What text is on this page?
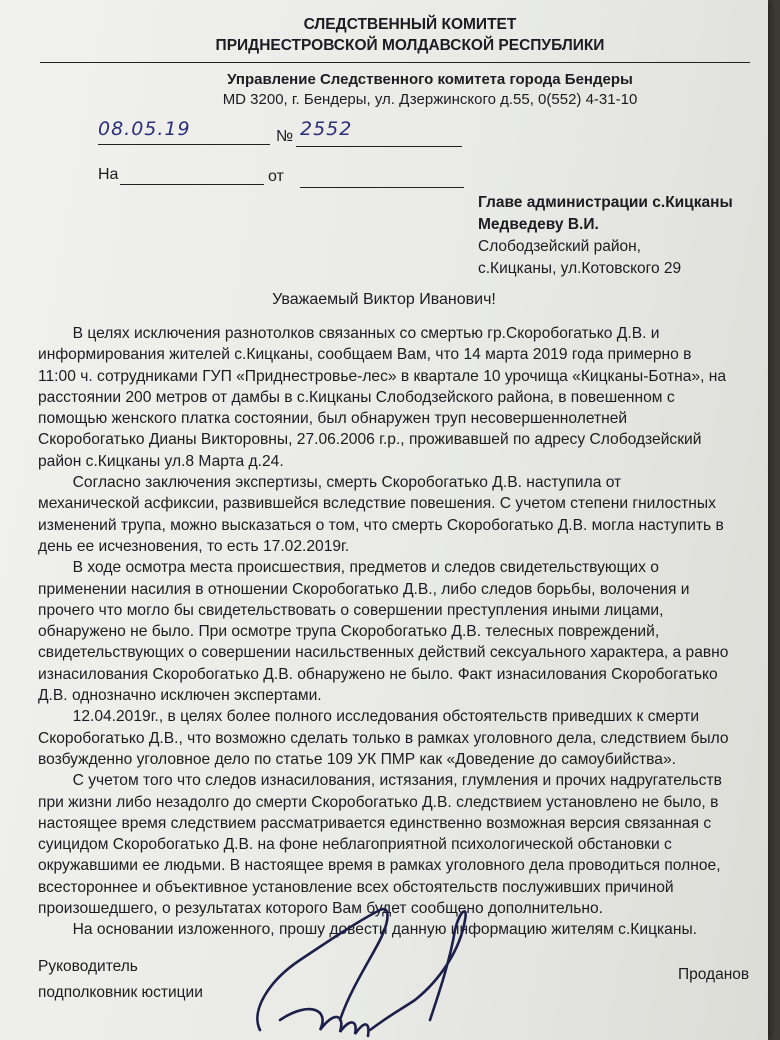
СЛЕДСТВЕННЫЙ КОМИТЕТ
ПРИДНЕСТРОВСКОЙ МОЛДАВСКОЙ РЕСПУБЛИКИ
Управление Следственного комитета города Бендеры
MD 3200, г. Бендеры, ул. Дзержинского д.55, 0(552) 4-31-10
08.05.19	№ 2552
На	от
Главе администрации с.Кицканы
Медведеву В.И.
Слободзейский район,
с.Кицканы, ул.Котовского 29
Уважаемый Виктор Иванович!
В целях исключения разнотолков связанных со смертью гр.Скоробогатько Д.В. и
информирования жителей с.Кицканы, сообщаем Вам, что 14 марта 2019 года примерно в
11:00 ч. сотрудниками ГУП «Приднестровье-лес» в квартале 10 урочища «Кицканы-Ботна», на
расстоянии 200 метров от дамбы в с.Кицканы Слободзейского района, в повешенном с
помощью женского платка состоянии, был обнаружен труп несовершеннолетней
Скоробогатько Дианы Викторовны, 27.06.2006 г.р., проживавшей по адресу Слободзейский
район с.Кицканы ул.8 Марта д.24.
Согласно заключения экспертизы, смерть Скоробогатько Д.В. наступила от
механической асфиксии, развившейся вследствие повешения. С учетом степени гнилостных
изменений трупа, можно высказаться о том, что смерть Скоробогатько Д.В. могла наступить в
день ее исчезновения, то есть 17.02.2019г.
В ходе осмотра места происшествия, предметов и следов свидетельствующих о
применении насилия в отношении Скоробогатько Д.В., либо следов борьбы, волочения и
прочего что могло бы свидетельствовать о совершении преступления иными лицами,
обнаружено не было. При осмотре трупа Скоробогатько Д.В. телесных повреждений,
свидетельствующих о совершении насильственных действий сексуального характера, а равно
изнасилования Скоробогатько Д.В. обнаружено не было. Факт изнасилования Скоробогатько
Д.В. однозначно исключен экспертами.
12.04.2019г., в целях более полного исследования обстоятельств приведших к смерти
Скоробогатько Д.В., что возможно сделать только в рамках уголовного дела, следствием было
возбужденно уголовное дело по статье 109 УК ПМР как «Доведение до самоубийства».
С учетом того что следов изнасилования, истязания, глумления и прочих надругательств
при жизни либо незадолго до смерти Скоробогатько Д.В. следствием установлено не было, в
настоящее время следствием рассматривается единственно возможная версия связанная с
суицидом Скоробогатько Д.В. на фоне неблагоприятной психологической обстановки с
окружавшими ее людьми. В настоящее время в рамках уголовного дела проводиться полное,
всестороннее и объективное установление всех обстоятельств послуживших причиной
произошедшего, о результатах которого Вам будет сообщено дополнительно.
На основании изложенного, прошу довести данную информацию жителям с.Кицканы.
Руководитель
подполковник юстиции
Проданов
